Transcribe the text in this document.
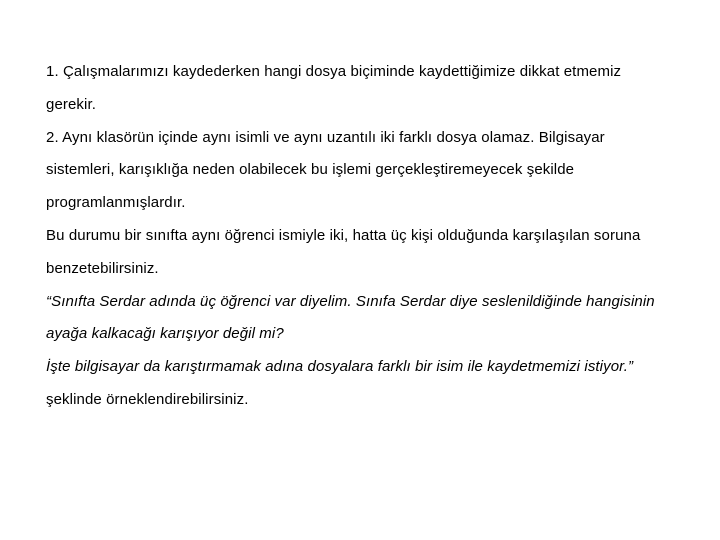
1. Çalışmalarımızı kaydederken hangi dosya biçiminde kaydettiğimize dikkat etmemiz
gerekir.
2. Aynı klasörün içinde aynı isimli ve aynı uzantılı iki farklı dosya olamaz. Bilgisayar
sistemleri, karışıklığa neden olabilecek bu işlemi gerçekleştiremeyecek şekilde
programlanmışlardır.
Bu durumu bir sınıfta aynı öğrenci ismiyle iki, hatta üç kişi olduğunda karşılaşılan soruna
benzetebilirsiniz.
“Sınıfta Serdar adında üç öğrenci var diyelim. Sınıfa Serdar diye seslenildiğinde hangisinin
ayağa kalkacağı karışıyor değil mi?
İşte bilgisayar da karıştırmamak adına dosyalara farklı bir isim ile kaydetmemizi istiyor.”
şeklinde örneklendirebilirsiniz.
